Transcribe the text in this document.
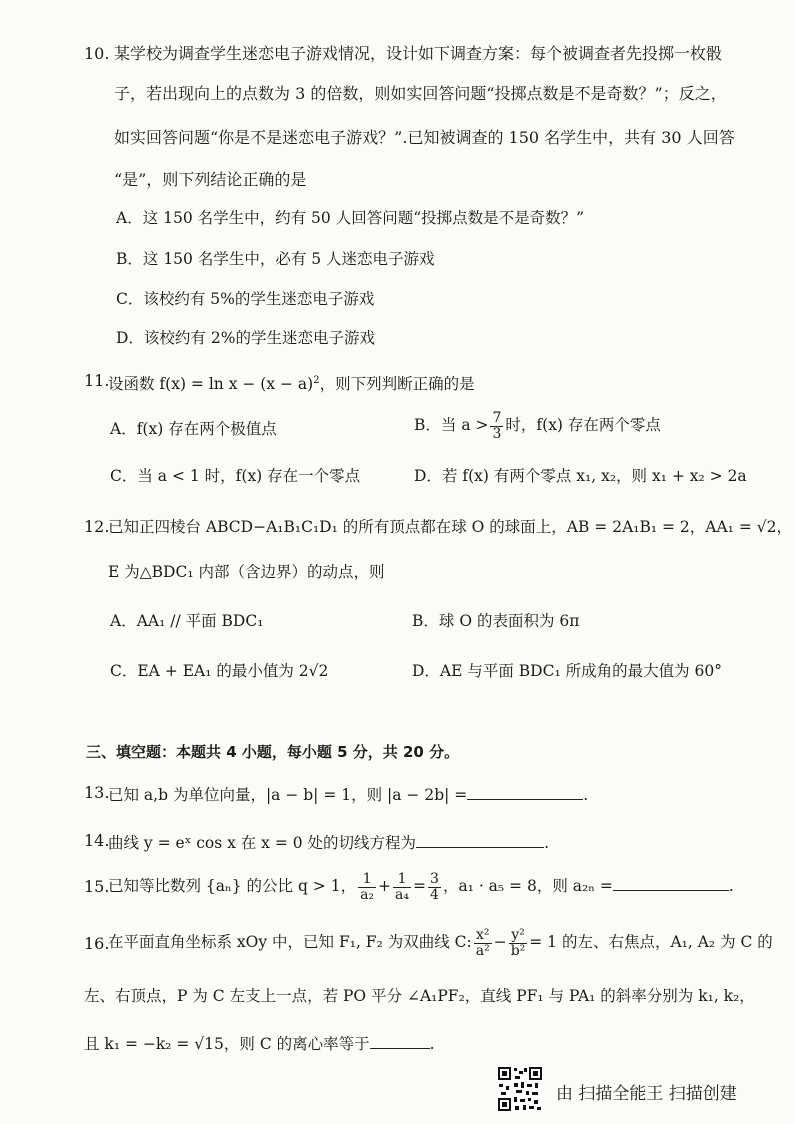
10. 某学校为调查学生迷恋电子游戏情况，设计如下调查方案：每个被调查者先投掷一枚骰
子，若出现向上的点数为 3 的倍数，则如实回答问题“投掷点数是不是奇数？”；反之，
如实回答问题“你是不是迷恋电子游戏？”.已知被调查的 150 名学生中，共有 30 人回答
“是”，则下列结论正确的是
A．这 150 名学生中，约有 50 人回答问题“投掷点数是不是奇数？”
B．这 150 名学生中，必有 5 人迷恋电子游戏
C．该校约有 5%的学生迷恋电子游戏
D．该校约有 2%的学生迷恋电子游戏
11.
设函数 $f(x) = \ln x - (x - a)^2$，则下列判断正确的是
A．f(x) 存在两个极值点	B．当 $a > \frac{7}{3}$ 时，f(x) 存在两个零点
C．当 a < 1 时，f(x) 存在一个零点	D．若 f(x) 有两个零点 x₁, x₂，则 x₁ + x₂ > 2a
12.
已知正四棱台 ABCD−A₁B₁C₁D₁ 的所有顶点都在球 O 的球面上，AB = 2A₁B₁ = 2，AA₁ = √2，
E 为△BDC₁ 内部（含边界）的动点，则
A．AA₁ // 平面 BDC₁	B．球 O 的表面积为 6π
C．EA + EA₁ 的最小值为 2√2	D．AE 与平面 BDC₁ 所成角的最大值为 60°
三、填空题：本题共 4 小题，每小题 5 分，共 20 分。
13.
已知 a,b 为单位向量，|a − b| = 1，则 |a − 2b| =	.
14.
曲线 y = eˣ cos x 在 x = 0 处的切线方程为	.
15.
已知等比数列 {aₙ} 的公比 q > 1， $\frac{1}{\text{a₂}} + \frac{1}{\text{a₄}} = \frac{3}{4}$ ，a₁ · a₅ = 8，则 a₂ₙ =	.
16.
在平面直角坐标系 xOy 中，已知 F₁, F₂ 为双曲线 C: $\frac{\text{x²}}{\text{a²}} - \frac{\text{y²}}{\text{b²}} = 1$ 的左、右焦点，A₁, A₂ 为 C 的
左、右顶点，P 为 C 左支上一点，若 PO 平分 ∠A₁PF₂，直线 PF₁ 与 PA₁ 的斜率分别为 k₁, k₂，
且 k₁ = −k₂ = √15，则 C 的离心率等于	.
由 扫描全能王 扫描创建
